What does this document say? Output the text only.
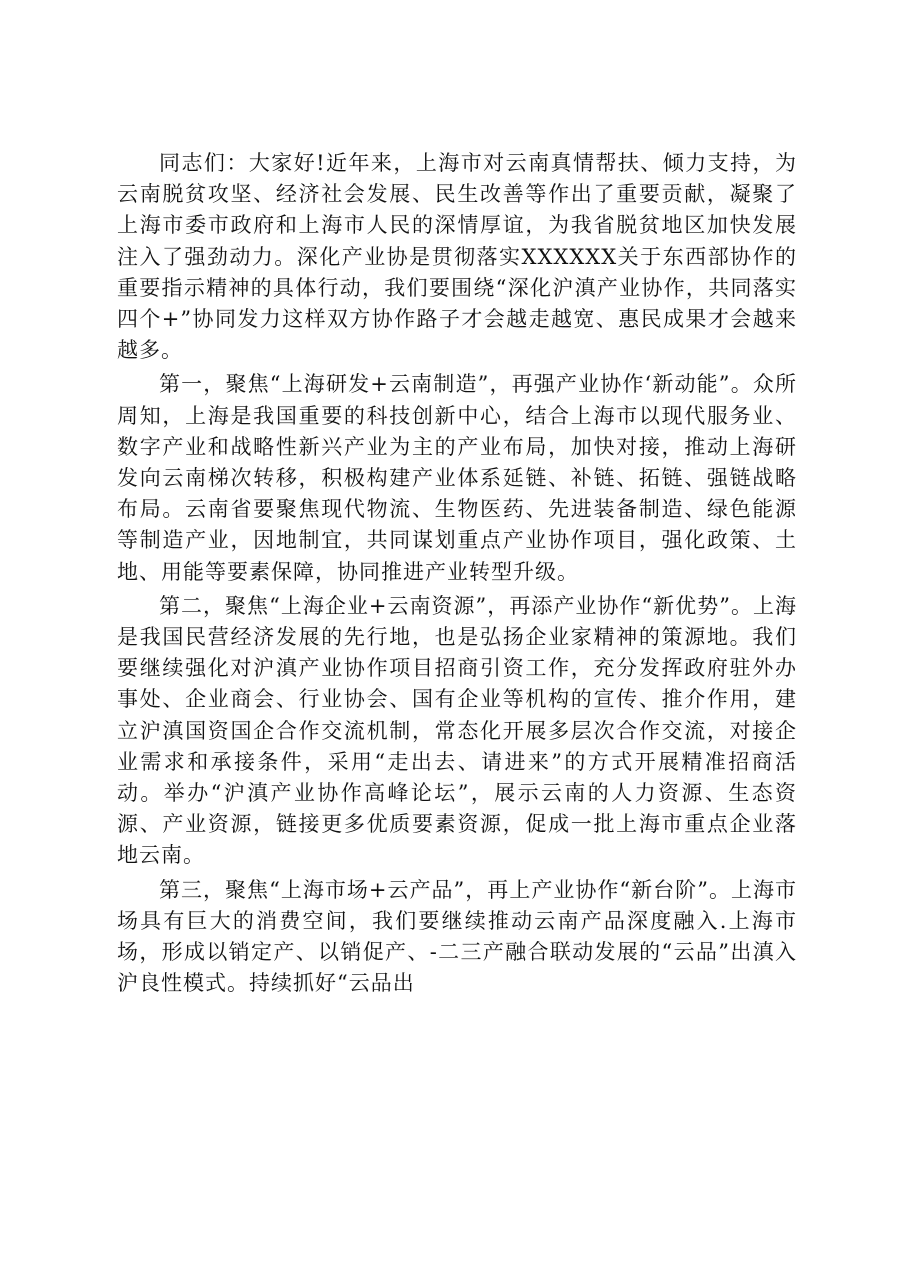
同志们：大家好!近年来，上海市对云南真情帮扶、倾力支持，为云南脱贫攻坚、经济社会发展、民生改善等作出了重要贡献，凝聚了上海市委市政府和上海市人民的深情厚谊，为我省脱贫地区加快发展注入了强劲动力。深化产业协是贯彻落实XXXXXX关于东西部协作的重要指示精神的具体行动，我们要围绕“深化沪滇产业协作，共同落实四个+”协同发力这样双方协作路子才会越走越宽、惠民成果才会越来越多。

第一，聚焦“上海研发+云南制造”，再强产业协作‘新动能”。众所周知，上海是我国重要的科技创新中心，结合上海市以现代服务业、数字产业和战略性新兴产业为主的产业布局，加快对接，推动上海研发向云南梯次转移，积极构建产业体系延链、补链、拓链、强链战略布局。云南省要聚焦现代物流、生物医药、先进装备制造、绿色能源等制造产业，因地制宜，共同谋划重点产业协作项目，强化政策、土地、用能等要素保障，协同推进产业转型升级。

第二，聚焦“上海企业+云南资源”，再添产业协作“新优势”。上海是我国民营经济发展的先行地，也是弘扬企业家精神的策源地。我们要继续强化对沪滇产业协作项目招商引资工作，充分发挥政府驻外办事处、企业商会、行业协会、国有企业等机构的宣传、推介作用，建立沪滇国资国企合作交流机制，常态化开展多层次合作交流，对接企业需求和承接条件，采用“走出去、请进来”的方式开展精准招商活动。举办“沪滇产业协作高峰论坛”，展示云南的人力资源、生态资源、产业资源，链接更多优质要素资源，促成一批上海市重点企业落地云南。

第三，聚焦“上海市场+云产品”，再上产业协作“新台阶”。上海市场具有巨大的消费空间，我们要继续推动云南产品深度融入.上海市场，形成以销定产、以销促产、-二三产融合联动发展的“云品”出滇入沪良性模式。持续抓好“云品出
